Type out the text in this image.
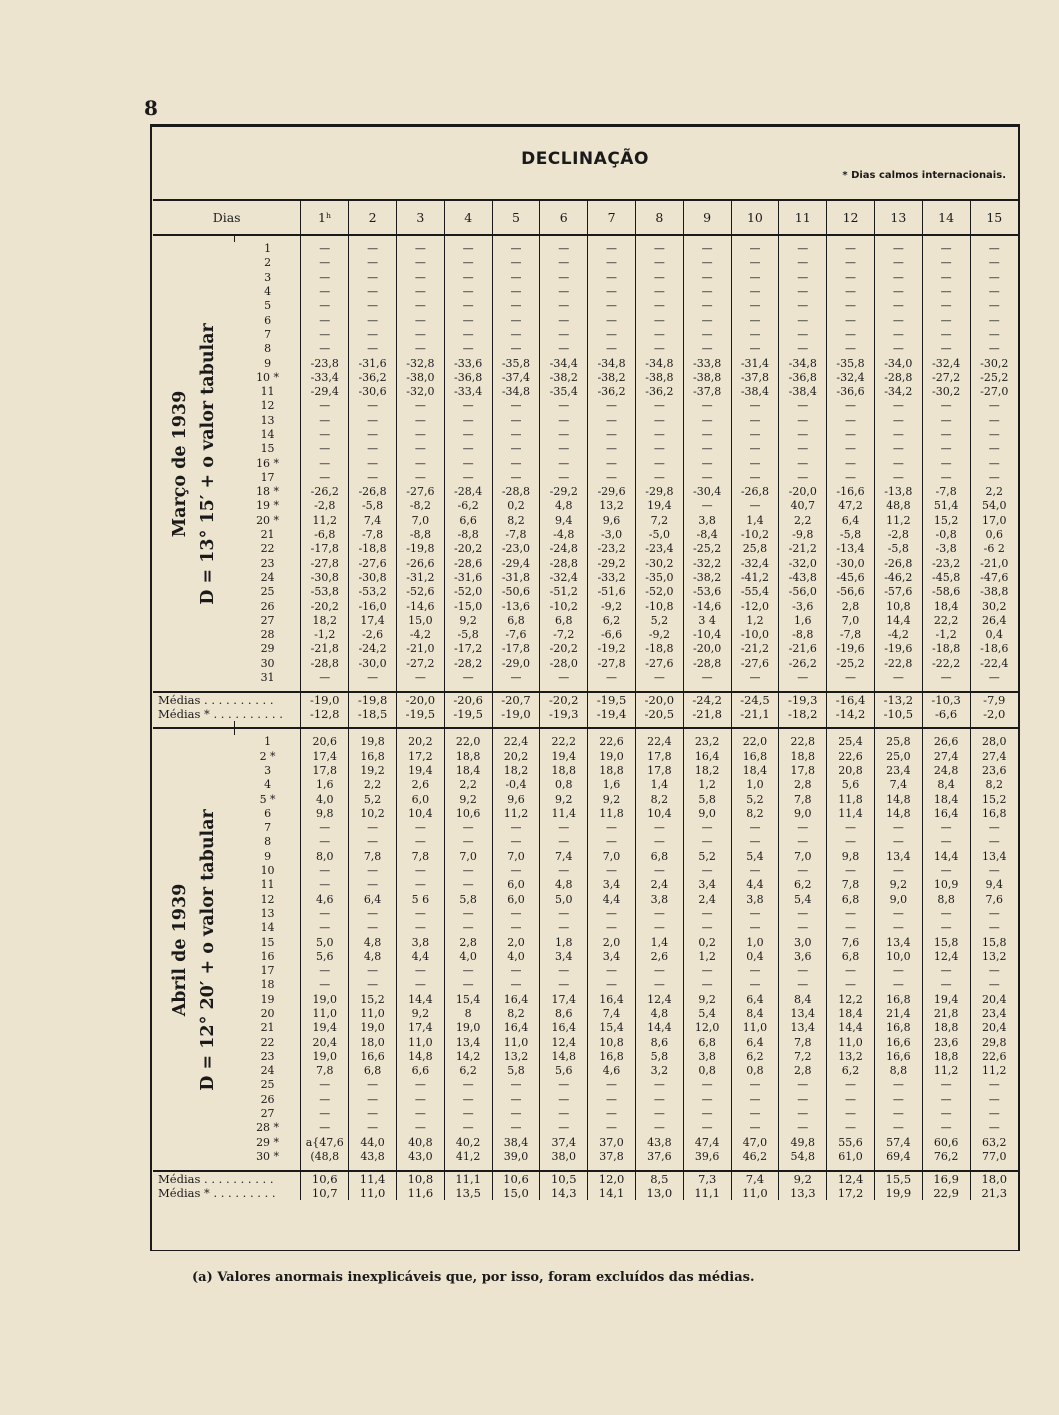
8
DECLINAÇÃO
* Dias calmos internacionais.
Dias		1ʰ	2	3	4	5	6	7	8	9	10	11	12	13	14	15

Março de 1939 D = 13° 15′ + o valor tabular																

	1	—	—	—	—	—	—	—	—	—	—	—	—	—	—	—
	2	—	—	—	—	—	—	—	—	—	—	—	—	—	—	—
	3	—	—	—	—	—	—	—	—	—	—	—	—	—	—	—
	4	—	—	—	—	—	—	—	—	—	—	—	—	—	—	—
	5	—	—	—	—	—	—	—	—	—	—	—	—	—	—	—
	6	—	—	—	—	—	—	—	—	—	—	—	—	—	—	—
	7	—	—	—	—	—	—	—	—	—	—	—	—	—	—	—
	8	—	—	—	—	—	—	—	—	—	—	—	—	—	—	—
	9	-23,8	-31,6	-32,8	-33,6	-35,8	-34,4	-34,8	-34,8	-33,8	-31,4	-34,8	-35,8	-34,0	-32,4	-30,2
	10 *	-33,4	-36,2	-38,0	-36,8	-37,4	-38,2	-38,2	-38,8	-38,8	-37,8	-36,8	-32,4	-28,8	-27,2	-25,2
	11	-29,4	-30,6	-32,0	-33,4	-34,8	-35,4	-36,2	-36,2	-37,8	-38,4	-38,4	-36,6	-34,2	-30,2	-27,0
	12	—	—	—	—	—	—	—	—	—	—	—	—	—	—	—
	13	—	—	—	—	—	—	—	—	—	—	—	—	—	—	—
	14	—	—	—	—	—	—	—	—	—	—	—	—	—	—	—
	15	—	—	—	—	—	—	—	—	—	—	—	—	—	—	—
	16 *	—	—	—	—	—	—	—	—	—	—	—	—	—	—	—
	17	—	—	—	—	—	—	—	—	—	—	—	—	—	—	—
	18 *	-26,2	-26,8	-27,6	-28,4	-28,8	-29,2	-29,6	-29,8	-30,4	-26,8	-20,0	-16,6	-13,8	-7,8	2,2
	19 *	-2,8	-5,8	-8,2	-6,2	0,2	4,8	13,2	19,4	—	—	40,7	47,2	48,8	51,4	54,0
	20 *	11,2	7,4	7,0	6,6	8,2	9,4	9,6	7,2	3,8	1,4	2,2	6,4	11,2	15,2	17,0
	21	-6,8	-7,8	-8,8	-8,8	-7,8	-4,8	-3,0	-5,0	-8,4	-10,2	-9,8	-5,8	-2,8	-0,8	0,6
	22	-17,8	-18,8	-19,8	-20,2	-23,0	-24,8	-23,2	-23,4	-25,2	25,8	-21,2	-13,4	-5,8	-3,8	-6 2
	23	-27,8	-27,6	-26,6	-28,6	-29,4	-28,8	-29,2	-30,2	-32,2	-32,4	-32,0	-30,0	-26,8	-23,2	-21,0
	24	-30,8	-30,8	-31,2	-31,6	-31,8	-32,4	-33,2	-35,0	-38,2	-41,2	-43,8	-45,6	-46,2	-45,8	-47,6
	25	-53,8	-53,2	-52,6	-52,0	-50,6	-51,2	-51,6	-52,0	-53,6	-55,4	-56,0	-56,6	-57,6	-58,6	-38,8
	26	-20,2	-16,0	-14,6	-15,0	-13,6	-10,2	-9,2	-10,8	-14,6	-12,0	-3,6	2,8	10,8	18,4	30,2
	27	18,2	17,4	15,0	9,2	6,8	6,8	6,2	5,2	3 4	1,2	1,6	7,0	14,4	22,2	26,4
	28	-1,2	-2,6	-4,2	-5,8	-7,6	-7,2	-6,6	-9,2	-10,4	-10,0	-8,8	-7,8	-4,2	-1,2	0,4
	29	-21,8	-24,2	-21,0	-17,2	-17,8	-20,2	-19,2	-18,8	-20,0	-21,2	-21,6	-19,6	-19,6	-18,8	-18,6
	30	-28,8	-30,0	-27,2	-28,2	-29,0	-28,0	-27,8	-27,6	-28,8	-27,6	-26,2	-25,2	-22,8	-22,2	-22,4
	31	—	—	—	—	—	—	—	—	—	—	—	—	—	—	—

Médias . . . . . . . . . .		-19,0	-19,8	-20,0	-20,6	-20,7	-20,2	-19,5	-20,0	-24,2	-24,5	-19,3	-16,4	-13,2	-10,3	-7,9
Médias * . . . . . . . . . .		-12,8	-18,5	-19,5	-19,5	-19,0	-19,3	-19,4	-20,5	-21,8	-21,1	-18,2	-14,2	-10,5	-6,6	-2,0

Abril de 1939 D = 12° 20′ + o valor tabular																

	1	20,6	19,8	20,2	22,0	22,4	22,2	22,6	22,4	23,2	22,0	22,8	25,4	25,8	26,6	28,0
	2 *	17,4	16,8	17,2	18,8	20,2	19,4	19,0	17,8	16,4	16,8	18,8	22,6	25,0	27,4	27,4
	3	17,8	19,2	19,4	18,4	18,2	18,8	18,8	17,8	18,2	18,4	17,8	20,8	23,4	24,8	23,6
	4	1,6	2,2	2,6	2,2	-0,4	0,8	1,6	1,4	1,2	1,0	2,8	5,6	7,4	8,4	8,2
	5 *	4,0	5,2	6,0	9,2	9,6	9,2	9,2	8,2	5,8	5,2	7,8	11,8	14,8	18,4	15,2
	6	9,8	10,2	10,4	10,6	11,2	11,4	11,8	10,4	9,0	8,2	9,0	11,4	14,8	16,4	16,8
	7	—	—	—	—	—	—	—	—	—	—	—	—	—	—	—
	8	—	—	—	—	—	—	—	—	—	—	—	—	—	—	—
	9	8,0	7,8	7,8	7,0	7,0	7,4	7,0	6,8	5,2	5,4	7,0	9,8	13,4	14,4	13,4
	10	—	—	—	—	—	—	—	—	—	—	—	—	—	—	—
	11	—	—	—	—	6,0	4,8	3,4	2,4	3,4	4,4	6,2	7,8	9,2	10,9	9,4
	12	4,6	6,4	5 6	5,8	6,0	5,0	4,4	3,8	2,4	3,8	5,4	6,8	9,0	8,8	7,6
	13	—	—	—	—	—	—	—	—	—	—	—	—	—	—	—
	14	—	—	—	—	—	—	—	—	—	—	—	—	—	—	—
	15	5,0	4,8	3,8	2,8	2,0	1,8	2,0	1,4	0,2	1,0	3,0	7,6	13,4	15,8	15,8
	16	5,6	4,8	4,4	4,0	4,0	3,4	3,4	2,6	1,2	0,4	3,6	6,8	10,0	12,4	13,2
	17	—	—	—	—	—	—	—	—	—	—	—	—	—	—	—
	18	—	—	—	—	—	—	—	—	—	—	—	—	—	—	—
	19	19,0	15,2	14,4	15,4	16,4	17,4	16,4	12,4	9,2	6,4	8,4	12,2	16,8	19,4	20,4
	20	11,0	11,0	9,2	8	8,2	8,6	7,4	4,8	5,4	8,4	13,4	18,4	21,4	21,8	23,4
	21	19,4	19,0	17,4	19,0	16,4	16,4	15,4	14,4	12,0	11,0	13,4	14,4	16,8	18,8	20,4
	22	20,4	18,0	11,0	13,4	11,0	12,4	10,8	8,6	6,8	6,4	7,8	11,0	16,6	23,6	29,8
	23	19,0	16,6	14,8	14,2	13,2	14,8	16,8	5,8	3,8	6,2	7,2	13,2	16,6	18,8	22,6
	24	7,8	6,8	6,6	6,2	5,8	5,6	4,6	3,2	0,8	0,8	2,8	6,2	8,8	11,2	11,2
	25	—	—	—	—	—	—	—	—	—	—	—	—	—	—	—
	26	—	—	—	—	—	—	—	—	—	—	—	—	—	—	—
	27	—	—	—	—	—	—	—	—	—	—	—	—	—	—	—
	28 *	—	—	—	—	—	—	—	—	—	—	—	—	—	—	—
	29 *	a{47,6	44,0	40,8	40,2	38,4	37,4	37,0	43,8	47,4	47,0	49,8	55,6	57,4	60,6	63,2
	30 *	(48,8	43,8	43,0	41,2	39,0	38,0	37,8	37,6	39,6	46,2	54,8	61,0	69,4	76,2	77,0

Médias . . . . . . . . . .		10,6	11,4	10,8	11,1	10,6	10,5	12,0	8,5	7,3	7,4	9,2	12,4	15,5	16,9	18,0
Médias * . . . . . . . . .		10,7	11,0	11,6	13,5	15,0	14,3	14,1	13,0	11,1	11,0	13,3	17,2	19,9	22,9	21,3
(a) Valores anormais inexplicáveis que, por isso, foram excluídos das médias.
